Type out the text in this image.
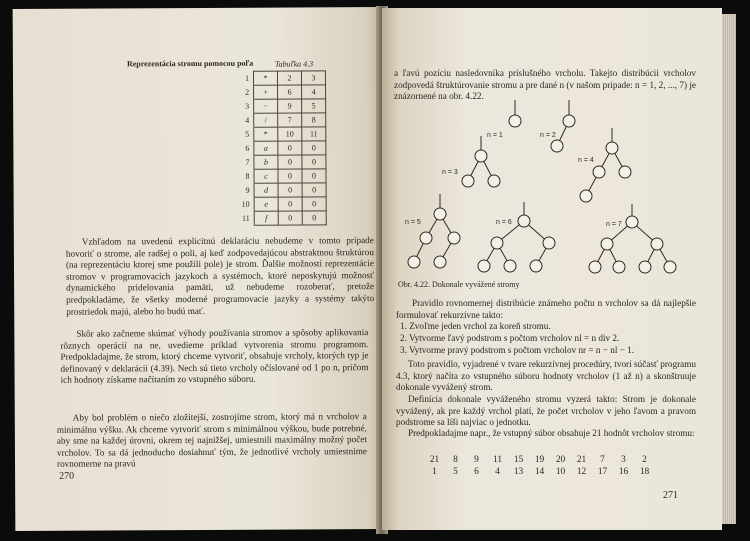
Reprezentácia stromu pomocou poľa	Tabuľka 4.3
1	*	2	3
2	+	6	4
3	−	9	5
4	/	7	8
5	*	10	11
6	a	0	0
7	b	0	0
8	c	0	0
9	d	0	0
10	e	0	0
11	f	0	0
Vzhľadom na uvedenú explicitnú deklaráciu nebudeme v tomto prípade hovoriť o strome, ale radšej o poli, aj keď zodpovedajúcou abstraktnou štruktúrou (na reprezentáciu ktorej sme použili pole) je strom. Ďalšie možnosti reprezentácie stromov v programovacích jazykoch a systémoch, ktoré neposkytujú možnosť dynamického pridelovania pamäti, už nebudeme rozoberať, pretože predpokladáme, že všetky moderné programovacie jazyky a systémy takýto prostriedok majú, alebo ho budú mať.
Skôr ako začneme skúmať výhody používania stromov a spôsoby aplikovania rôznych operácií na ne, uvedieme príklad vytvorenia stromu programom. Predpokladajme, že strom, ktorý chceme vytvoriť, obsahuje vrcholy, ktorých typ je definovaný v deklarácii (4.39). Nech sú tieto vrcholy očíslované od 1 po n, pričom ich hodnoty získame načítaním zo vstupného súboru.
Aby bol problém o niečo zložitejší, zostrojíme strom, ktorý má n vrcholov a minimálnu výšku. Ak chceme vytvoriť strom s minimálnou výškou, bude potrebné, aby sme na každej úrovni, okrem tej najnižšej, umiestnili maximálny možný počet vrcholov. To sa dá jednoducho dosiahnuť tým, že jednotlivé vrcholy umiestnime rovnomerne na pravú
270
a ľavú pozíciu nasledovníka príslušného vrcholu. Takejto distribúcii vrcholov zodpovedá štruktúrovanie stromu a pre dané n (v našom prípade: n = 1, 2, ..., 7) je znázornené na obr. 4.22.
Obr. 4.22. Dokonale vyvážené stromy
Pravidlo rovnomernej distribúcie známeho počtu n vrcholov sa dá najlepšie formulovať rekurzívne takto:
1. Zvoľme jeden vrchol za koreň stromu.
2. Vytvorme ľavý podstrom s počtom vrcholov nl = n div 2.
3. Vytvorme pravý podstrom s počtom vrcholov nr = n − nl − 1.
Toto pravidlo, vyjadrené v tvare rekurzívnej procedúry, tvorí súčasť programu 4.3, ktorý načíta zo vstupného súboru hodnoty vrcholov (1 až n) a skonštruuje dokonale vyvážený strom.
Definícia dokonale vyváženého stromu vyzerá takto: Strom je dokonale vyvážený, ak pre každý vrchol platí, že počet vrcholov v jeho ľavom a pravom podstrome sa líši najviac o jednotku.
Predpokladajme napr., že vstupný súbor obsahuje 21 hodnôt vrcholov stromu:
21 8 9 11 15 19 20 21 7 3 2
1 5 6 4 13 14 10 12 17 16 18
271
n = 1	n = 2
n = 3
n = 4
n = 5	n = 6	n = 7
